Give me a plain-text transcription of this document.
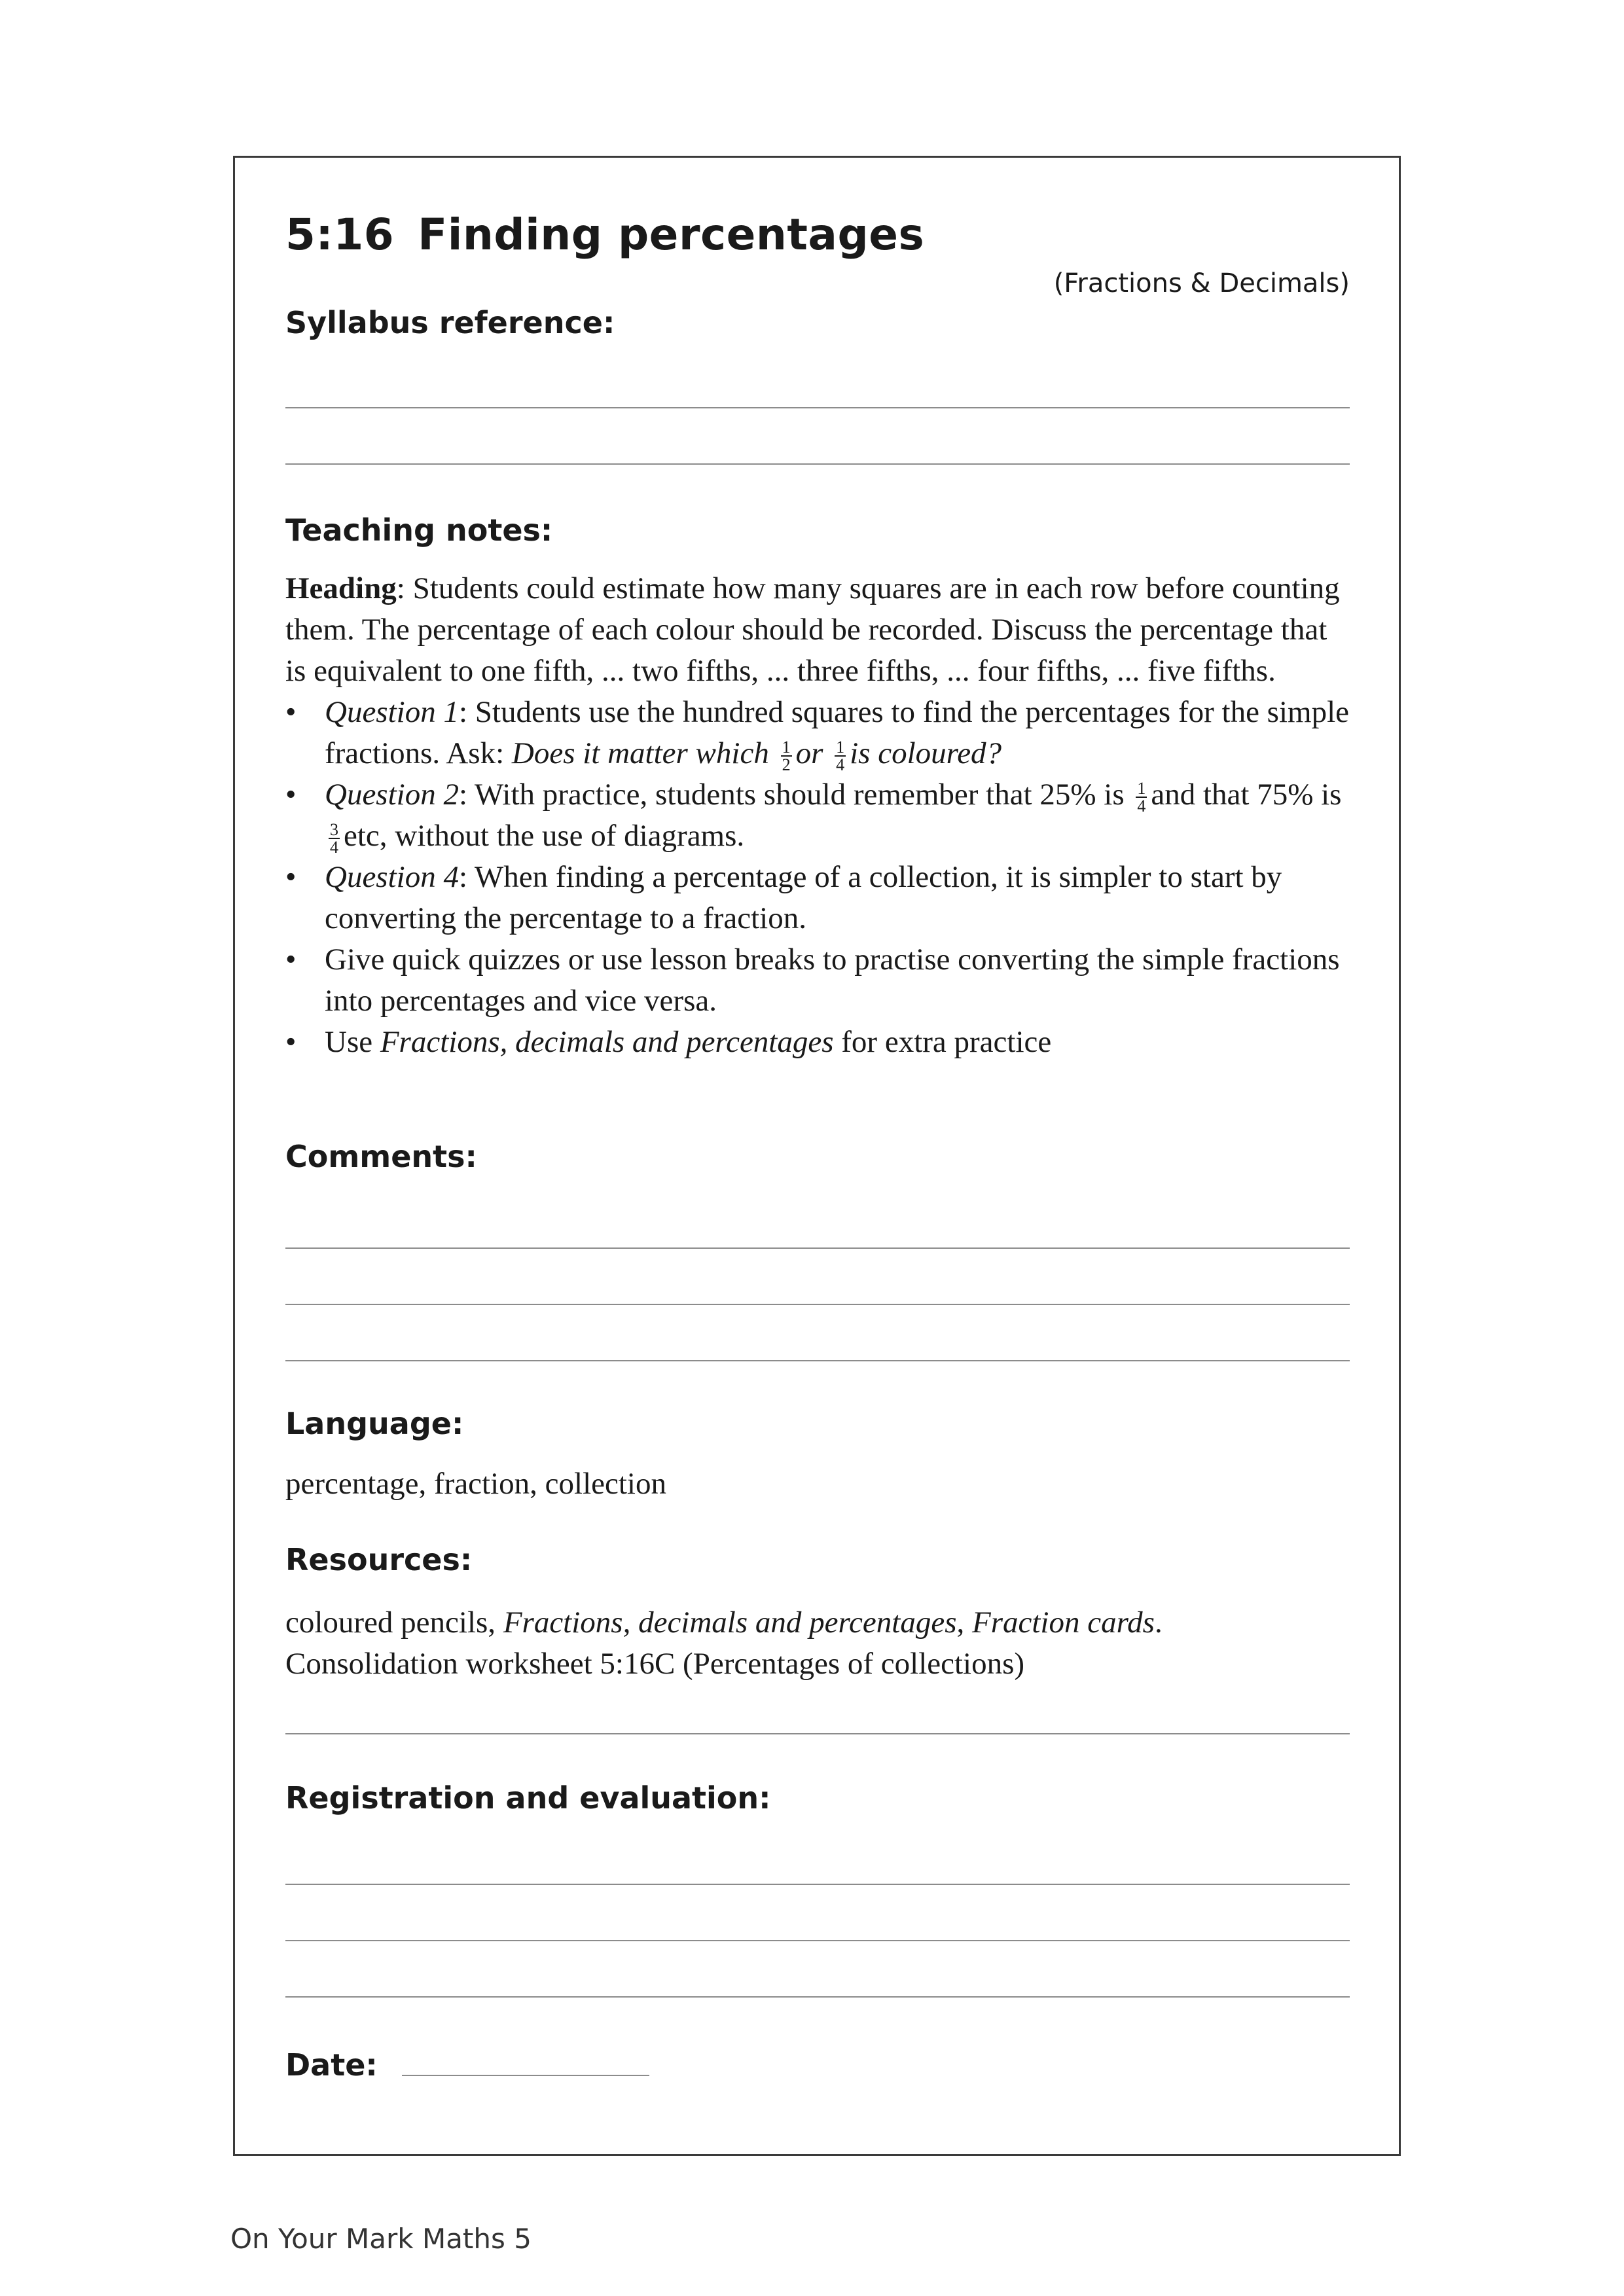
5:16 Finding percentages
(Fractions & Decimals)
Syllabus reference:
Teaching notes:

Heading: Students could estimate how many squares are in each row before counting them. The percentage of each colour should be recorded. Discuss the percentage that is equivalent to one fifth, ... two fifths, ... three fifths, ... four fifths, ... five fifths.

• Question 1: Students use the hundred squares to find the percentages for the simple fractions. Ask: Does it matter which $\frac{1}{2}$ or $\frac{1}{4}$ is coloured?
• Question 2: With practice, students should remember that 25% is $\frac{1}{4}$ and that 75% is
$\frac{3}{4}$ etc, without the use of diagrams.
• Question 4: When finding a percentage of a collection, it is simpler to start by converting the percentage to a fraction.
• Give quick quizzes or use lesson breaks to practise converting the simple fractions into percentages and vice versa.
• Use Fractions, decimals and percentages for extra practice
Comments:
Language:
percentage, fraction, collection
Resources:

coloured pencils, Fractions, decimals and percentages, Fraction cards.

Consolidation worksheet 5:16C (Percentages of collections)

Registration and evaluation:
Date:
On Your Mark Maths 5
